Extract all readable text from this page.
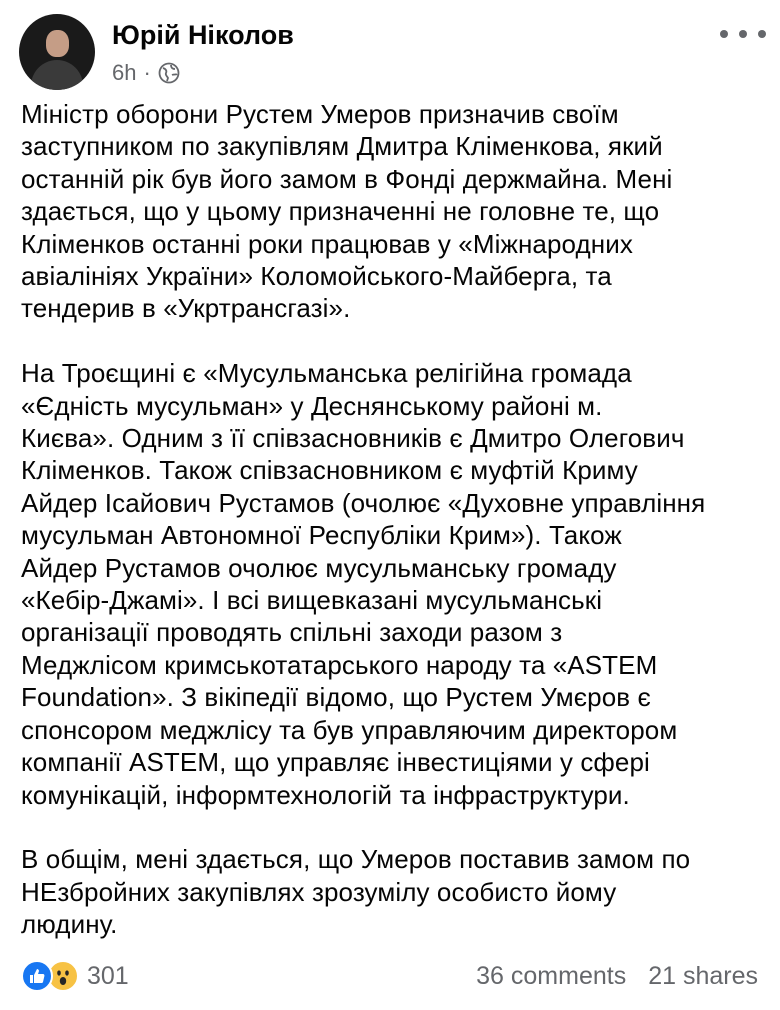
Юрій Ніколов
6h ·

Міністр оборони Рустем Умеров призначив своїм
заступником по закупівлям Дмитра Кліменкова, який
останній рік був його замом в Фонді держмайна. Мені
здається, що у цьому призначенні не головне те, що
Кліменков останні роки працював у «Міжнародних
авіалініях України» Коломойського-Майберга, та
тендерив в «Укртрансгазі».

На Троєщині є «Мусульманська релігійна громада
«Єдність мусульман» у Деснянському районі м.
Києва». Одним з її співзасновників є Дмитро Олегович
Кліменков. Також співзасновником є муфтій Криму
Айдер Ісайович Рустамов (очолює «Духовне управління
мусульман Автономної Республіки Крим»). Також
Айдер Рустамов очолює мусульманську громаду
«Кебір-Джамі». І всі вищевказані мусульманські
організації проводять спільні заходи разом з
Меджлісом кримськотатарського народу та «ASTEM
Foundation». З вікіпедії відомо, що Рустем Умєров є
спонсором меджлісу та був управляючим директором
компанії ASTEM, що управляє інвестиціями у сфері
комунікацій, інформтехнологій та інфраструктури.

В общім, мені здається, що Умеров поставив замом по
НЕзбройних закупівлях зрозумілу особисто йому
людину.

301	36 comments 21 shares
